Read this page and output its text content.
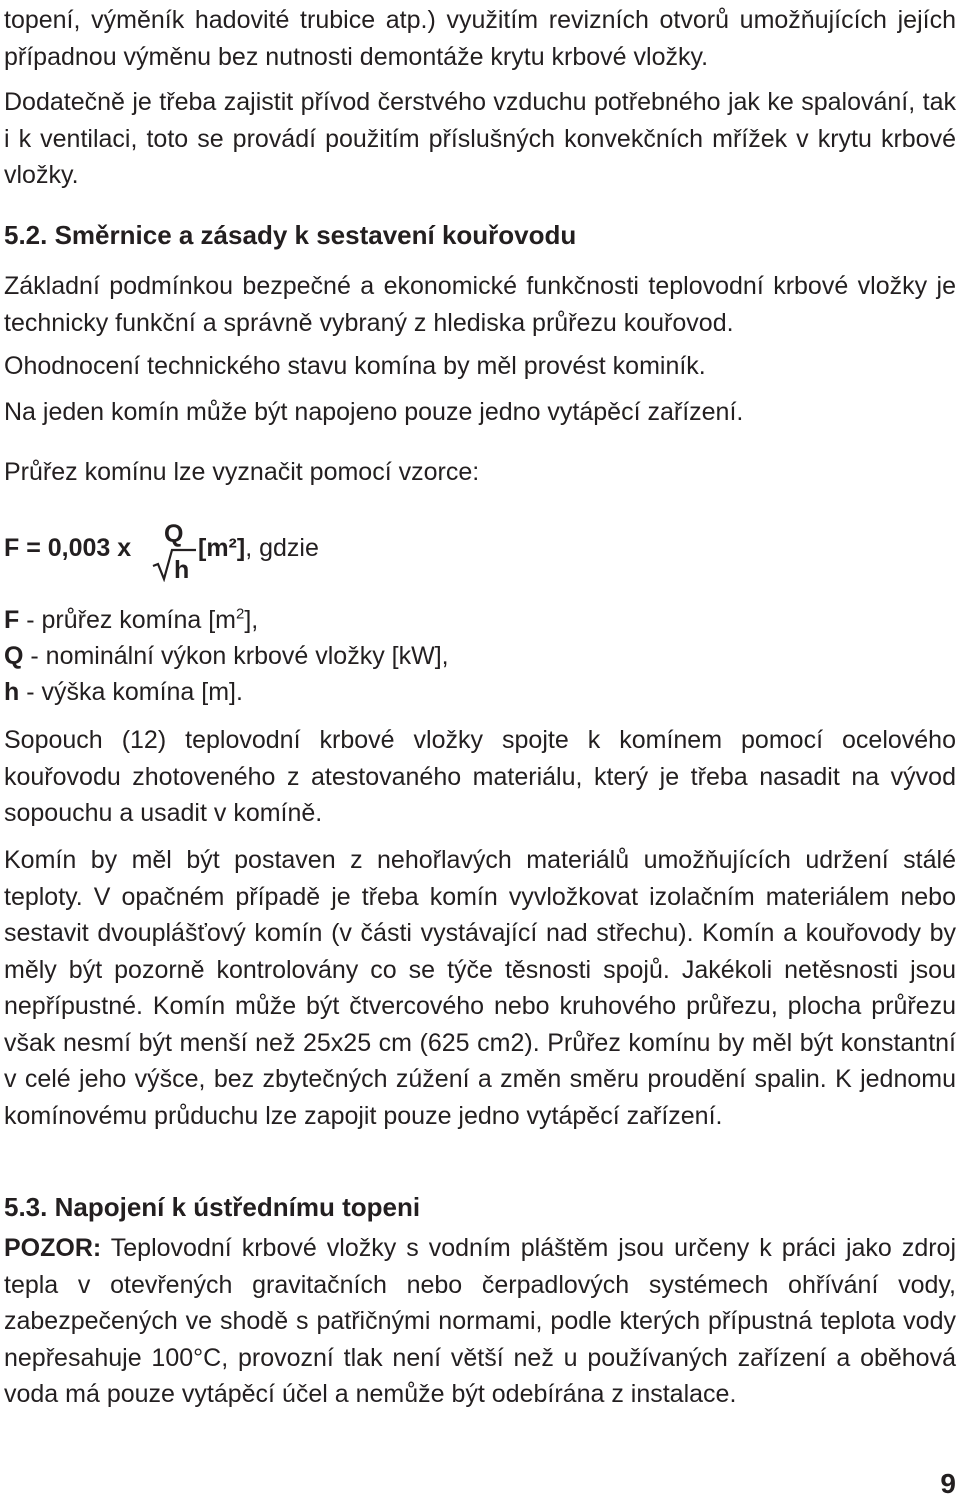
topení, výměník hadovité trubice atp.) využitím revizních otvorů umožňujících jejích případnou výměnu bez nutnosti demontáže krytu krbové vložky.

Dodatečně je třeba zajistit přívod čerstvého vzduchu potřebného jak ke spalování, tak i k ventilaci, toto se provádí použitím příslušných konvekčních mřížek v krytu krbové vložky.

5.2. Směrnice a zásady k sestavení kouřovodu

Základní podmínkou bezpečné a ekonomické funkčnosti teplovodní krbové vložky je technicky funkční a správně vybraný z hlediska průřezu kouřovod.

Ohodnocení technického stavu komína by měl provést kominík.

Na jeden komín může být napojeno pouze jedno vytápěcí zařízení.

Průřez komínu lze vyznačit pomocí vzorce:

F = 0,003 x Q
h
[m²], gdzie
F - průřez komína $[m^2]$,
Q - nominální výkon krbové vložky [kW],
h - výška komína [m].

Sopouch (12) teplovodní krbové vložky spojte k komínem pomocí ocelového kouřovodu zhotoveného z atestovaného materiálu, který je třeba nasadit na vývod sopouchu a usadit v komíně.

Komín by měl být postaven z nehořlavých materiálů umožňujících udržení stálé teploty. V opačném případě je třeba komín vyvložkovat izolačním materiálem nebo sestavit dvouplášťový komín (v části vystávající nad střechu). Komín a kouřovody by měly být pozorně kontrolovány co se týče těsnosti spojů. Jakékoli netěsnosti jsou nepřípustné. Komín může být čtvercového nebo kruhového průřezu, plocha průřezu však nesmí být menší než 25x25 cm (625 cm2). Průřez komínu by měl být konstantní v celé jeho výšce, bez zbytečných zúžení a změn směru proudění spalin. K jednomu komínovému průduchu lze zapojit pouze jedno vytápěcí zařízení.

5.3. Napojení k ústřednímu topeni

POZOR: Teplovodní krbové vložky s vodním pláštěm jsou určeny k práci jako zdroj tepla v otevřených gravitačních nebo čerpadlových systémech ohřívání vody, zabezpečených ve shodě s patřičnými normami, podle kterých přípustná teplota vody nepřesahuje 100°C, provozní tlak není větší než u používaných zařízení a oběhová voda má pouze vytápěcí účel a nemůže být odebírána z instalace.

9
